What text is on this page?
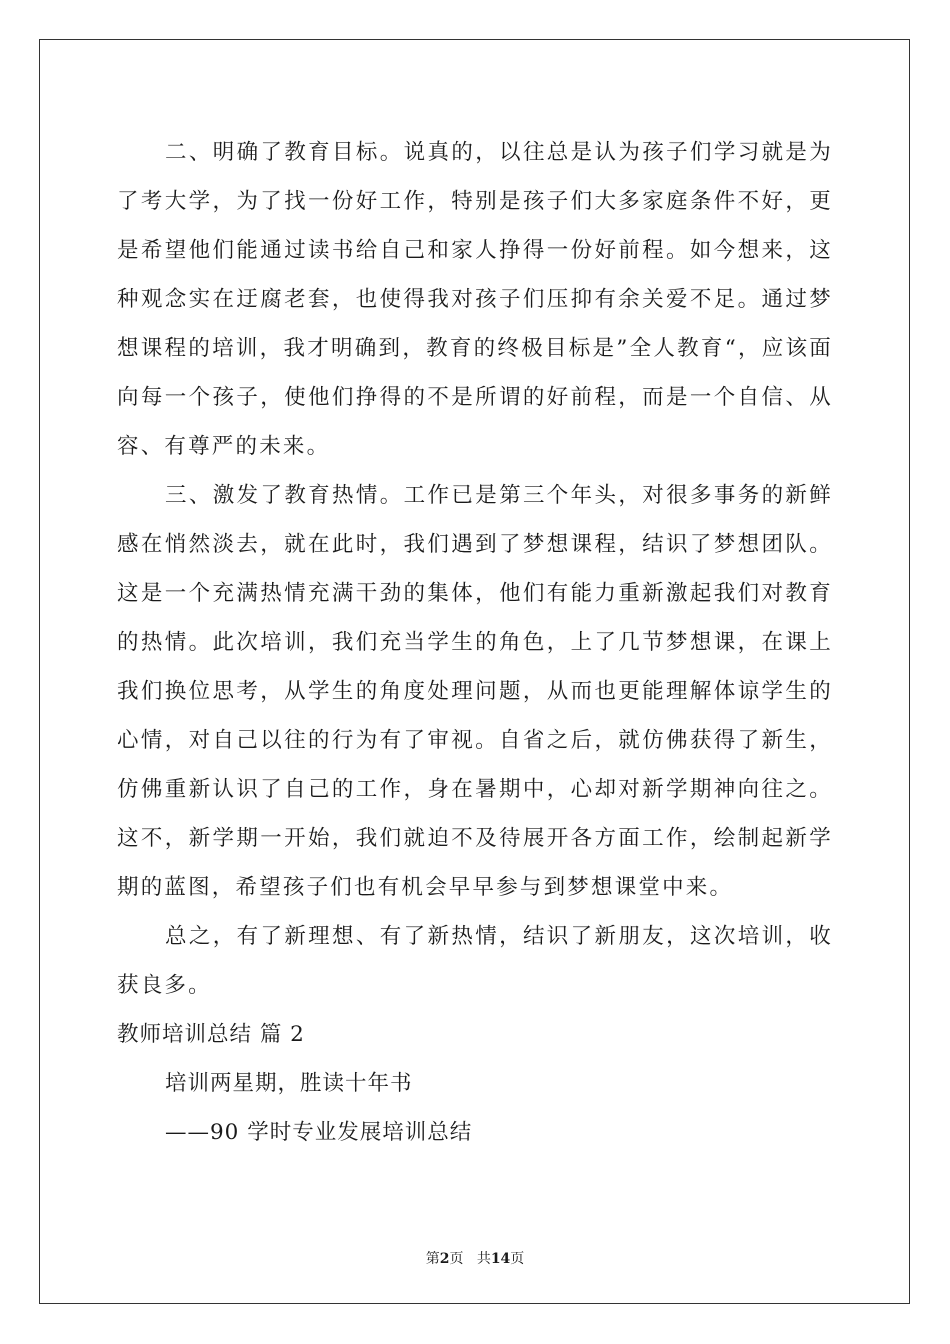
二、明确了教育目标。说真的，以往总是认为孩子们学习就是为了考大学，为了找一份好工作，特别是孩子们大多家庭条件不好，更是希望他们能通过读书给自己和家人挣得一份好前程。如今想来，这种观念实在迂腐老套，也使得我对孩子们压抑有余关爱不足。通过梦想课程的培训，我才明确到，教育的终极目标是”全人教育“，应该面向每一个孩子，使他们挣得的不是所谓的好前程，而是一个自信、从容、有尊严的未来。

三、激发了教育热情。工作已是第三个年头，对很多事务的新鲜感在悄然淡去，就在此时，我们遇到了梦想课程，结识了梦想团队。这是一个充满热情充满干劲的集体，他们有能力重新激起我们对教育的热情。此次培训，我们充当学生的角色，上了几节梦想课，在课上我们换位思考，从学生的角度处理问题，从而也更能理解体谅学生的心情，对自己以往的行为有了审视。自省之后，就仿佛获得了新生，仿佛重新认识了自己的工作，身在暑期中，心却对新学期神向往之。这不，新学期一开始，我们就迫不及待展开各方面工作，绘制起新学期的蓝图，希望孩子们也有机会早早参与到梦想课堂中来。

总之，有了新理想、有了新热情，结识了新朋友，这次培训，收获良多。

教师培训总结 篇 2

培训两星期，胜读十年书

——90 学时专业发展培训总结

第2页 共14页
